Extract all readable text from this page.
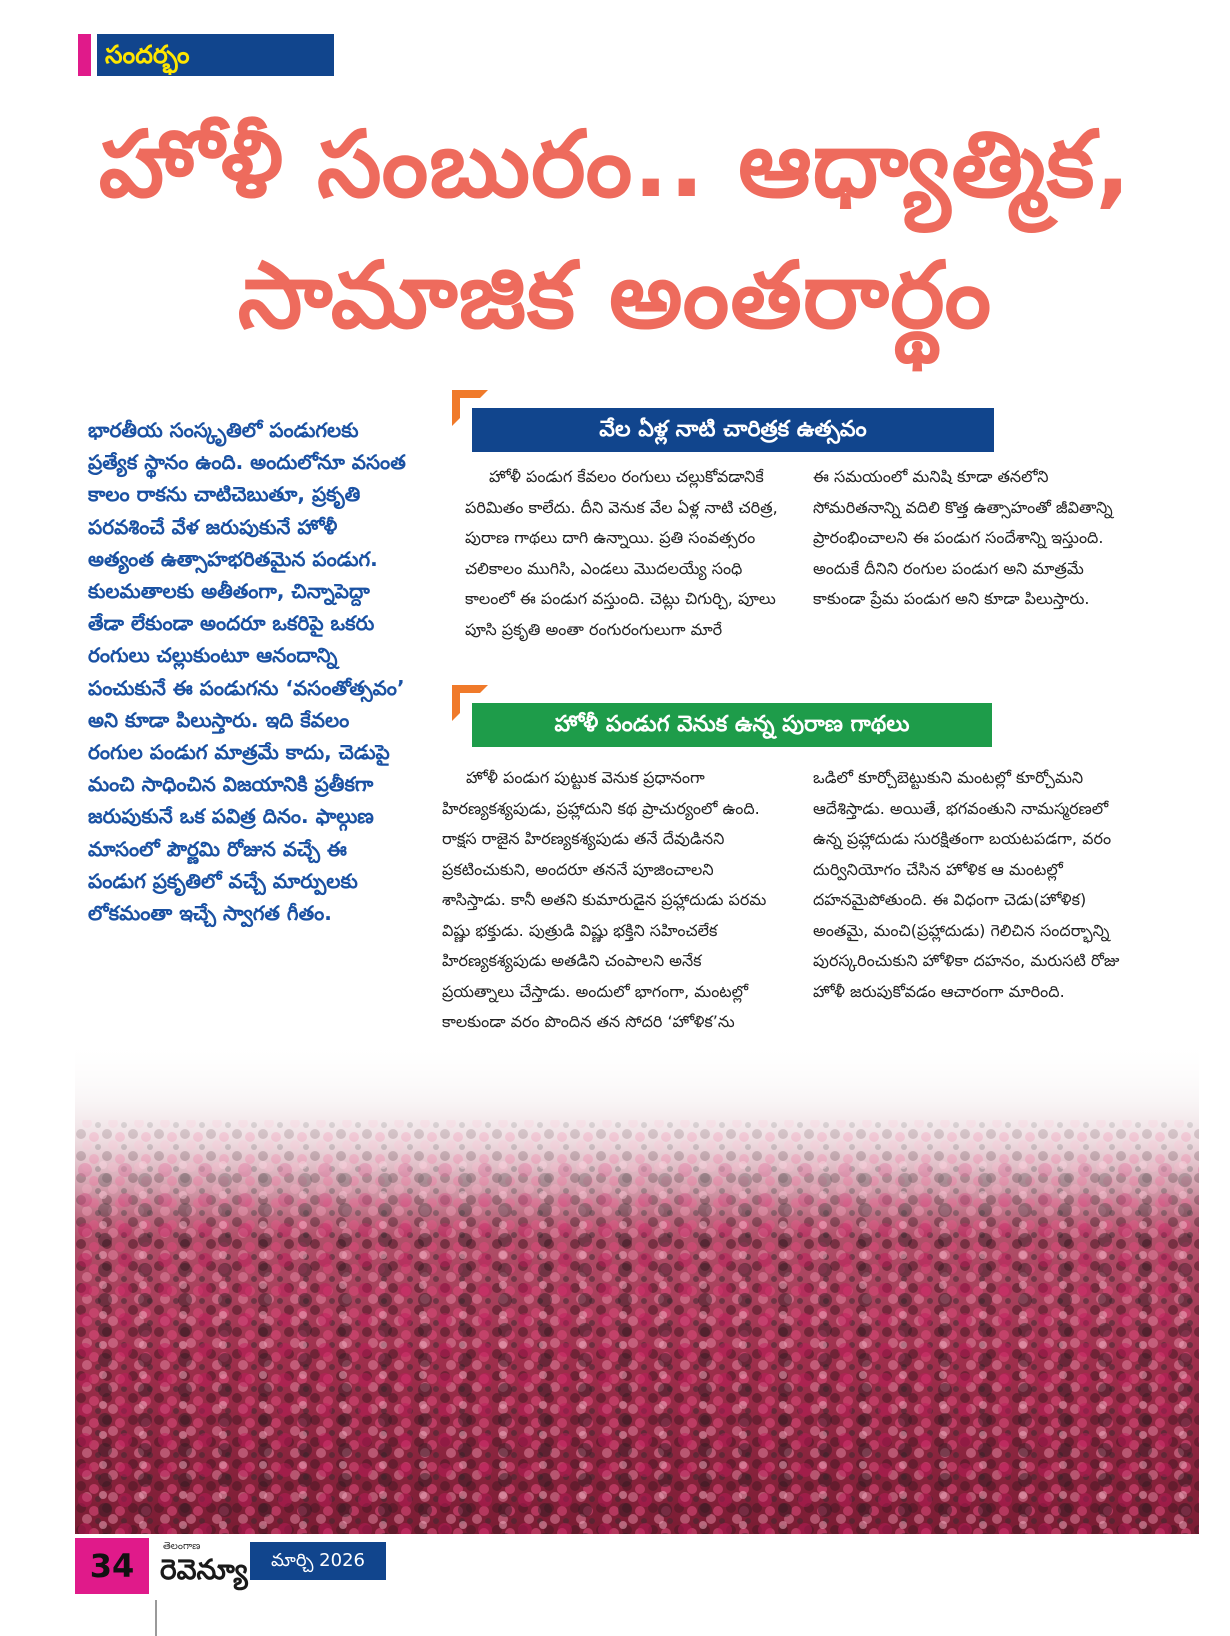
సందర్భం
హోళీ సంబురం.. ఆధ్యాత్మిక,
సామాజిక అంతరార్థం

భారతీయ సంస్కృతిలో పండుగలకు ప్రత్యేక స్థానం ఉంది. అందులోనూ వసంత కాలం రాకను చాటిచెబుతూ, ప్రకృతి పరవశించే వేళ జరుపుకునే హోళీ అత్యంత ఉత్సాహభరితమైన పండుగ. కులమతాలకు అతీతంగా, చిన్నాపెద్దా తేడా లేకుండా అందరూ ఒకరిపై ఒకరు రంగులు చల్లుకుంటూ ఆనందాన్ని పంచుకునే ఈ పండుగను ‘వసంతోత్సవం’ అని కూడా పిలుస్తారు. ఇది కేవలం రంగుల పండుగ మాత్రమే కాదు, చెడుపై మంచి సాధించిన విజయానికి ప్రతీకగా జరుపుకునే ఒక పవిత్ర దినం. ఫాల్గుణ మాసంలో పౌర్ణమి రోజున వచ్చే ఈ పండుగ ప్రకృతిలో వచ్చే మార్పులకు లోకమంతా ఇచ్చే స్వాగత గీతం.

వేల ఏళ్ల నాటి చారిత్రక ఉత్సవం

హోళీ పండుగ కేవలం రంగులు చల్లుకోవడానికే పరిమితం కాలేదు. దీని వెనుక వేల ఏళ్ల నాటి చరిత్ర, పురాణ గాథలు దాగి ఉన్నాయి. ప్రతి సంవత్సరం చలికాలం ముగిసి, ఎండలు మొదలయ్యే సంధి కాలంలో ఈ పండుగ వస్తుంది. చెట్లు చిగుర్చి, పూలు పూసి ప్రకృతి అంతా రంగురంగులుగా మారే

ఈ సమయంలో మనిషి కూడా తనలోని సోమరితనాన్ని వదిలి కొత్త ఉత్సాహంతో జీవితాన్ని ప్రారంభించాలని ఈ పండుగ సందేశాన్ని ఇస్తుంది. అందుకే దీనిని రంగుల పండుగ అని మాత్రమే కాకుండా ప్రేమ పండుగ అని కూడా పిలుస్తారు.

హోళీ పండుగ వెనుక ఉన్న పురాణ గాథలు

హోళీ పండుగ పుట్టుక వెనుక ప్రధానంగా హిరణ్యకశ్యపుడు, ప్రహ్లాదుని కథ ప్రాచుర్యంలో ఉంది. రాక్షస రాజైన హిరణ్యకశ్యపుడు తనే దేవుడినని ప్రకటించుకుని, అందరూ తననే పూజించాలని శాసిస్తాడు. కానీ అతని కుమారుడైన ప్రహ్లాదుడు పరమ విష్ణు భక్తుడు. పుత్రుడి విష్ణు భక్తిని సహించలేక హిరణ్యకశ్యపుడు అతడిని చంపాలని అనేక ప్రయత్నాలు చేస్తాడు. అందులో భాగంగా, మంటల్లో కాలకుండా వరం పొందిన తన సోదరి ‘హోళిక’ను

ఒడిలో కూర్చోబెట్టుకుని మంటల్లో కూర్చోమని ఆదేశిస్తాడు. అయితే, భగవంతుని నామస్మరణలో ఉన్న ప్రహ్లాదుడు సురక్షితంగా బయటపడగా, వరం దుర్వినియోగం చేసిన హోళిక ఆ మంటల్లో దహనమైపోతుంది. ఈ విధంగా చెడు(హోళిక) అంతమై, మంచి(ప్రహ్లాదుడు) గెలిచిన సందర్భాన్ని పురస్కరించుకుని హోళికా దహనం, మరుసటి రోజు హోళీ జరుపుకోవడం ఆచారంగా మారింది.

34
తెలంగాణ
రెవెన్యూ	మార్చి 2026
